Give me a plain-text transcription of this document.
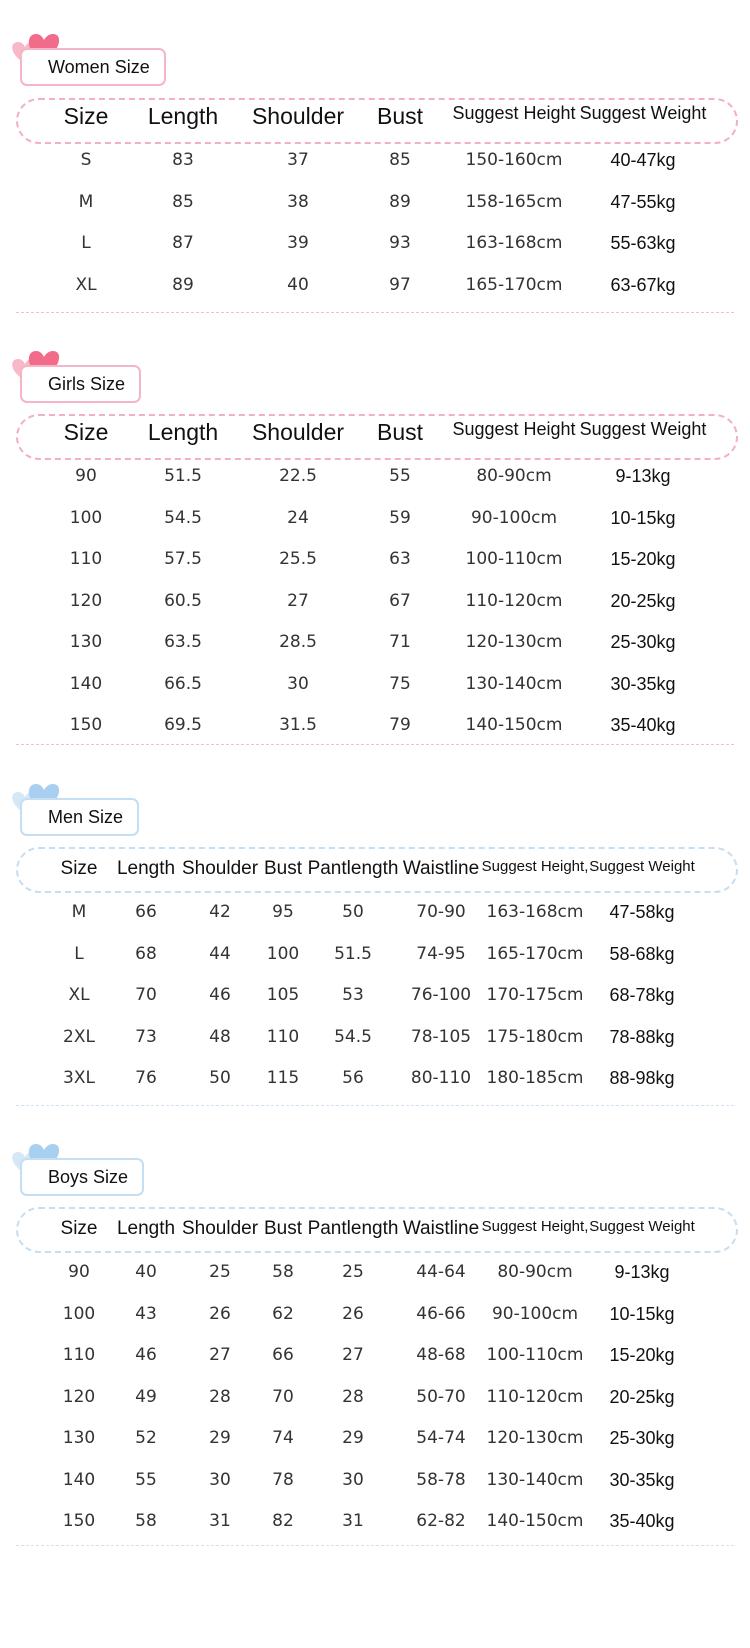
Women Size
Size Length Shoulder Bust Suggest Height Suggest Weight
S	83	37	85	150-160cm	40-47kg
M	85	38	89	158-165cm	47-55kg
L	87	39	93	163-168cm	55-63kg
XL	89	40	97	165-170cm	63-67kg
Girls Size
Size Length Shoulder Bust Suggest Height Suggest Weight
90	51.5	22.5	55	80-90cm	9-13kg
100	54.5	24	59	90-100cm	10-15kg
110	57.5	25.5	63	100-110cm	15-20kg
120	60.5	27	67	110-120cm	20-25kg
130	63.5	28.5	71	120-130cm	25-30kg
140	66.5	30	75	130-140cm	30-35kg
150	69.5	31.5	79	140-150cm	35-40kg
Men Size
Size Length Shoulder Bust Pantlength Waistline Suggest Height, Suggest Weight
M	66	42 95	50	70-90 163-168cm 47-58kg
L	68	44 100 51.5	74-95 165-170cm 58-68kg
XL	70	46 105	53	76-100 170-175cm 68-78kg
2XL 73	48 110 54.5 78-105 175-180cm 78-88kg
3XL 76	50 115	56	80-110 180-185cm 88-98kg
Boys Size
Size Length Shoulder Bust Pantlength Waistline Suggest Height, Suggest Weight
90	40	25 58	25	44-64 80-90cm 9-13kg
100 43	26 62	26	46-66 90-100cm 10-15kg
110 46	27 66	27	48-68 100-110cm 15-20kg
120 49	28 70	28	50-70 110-120cm 20-25kg
130 52	29 74	29	54-74 120-130cm 25-30kg
140 55	30 78	30	58-78 130-140cm 30-35kg
150 58	31 82	31	62-82 140-150cm 35-40kg
